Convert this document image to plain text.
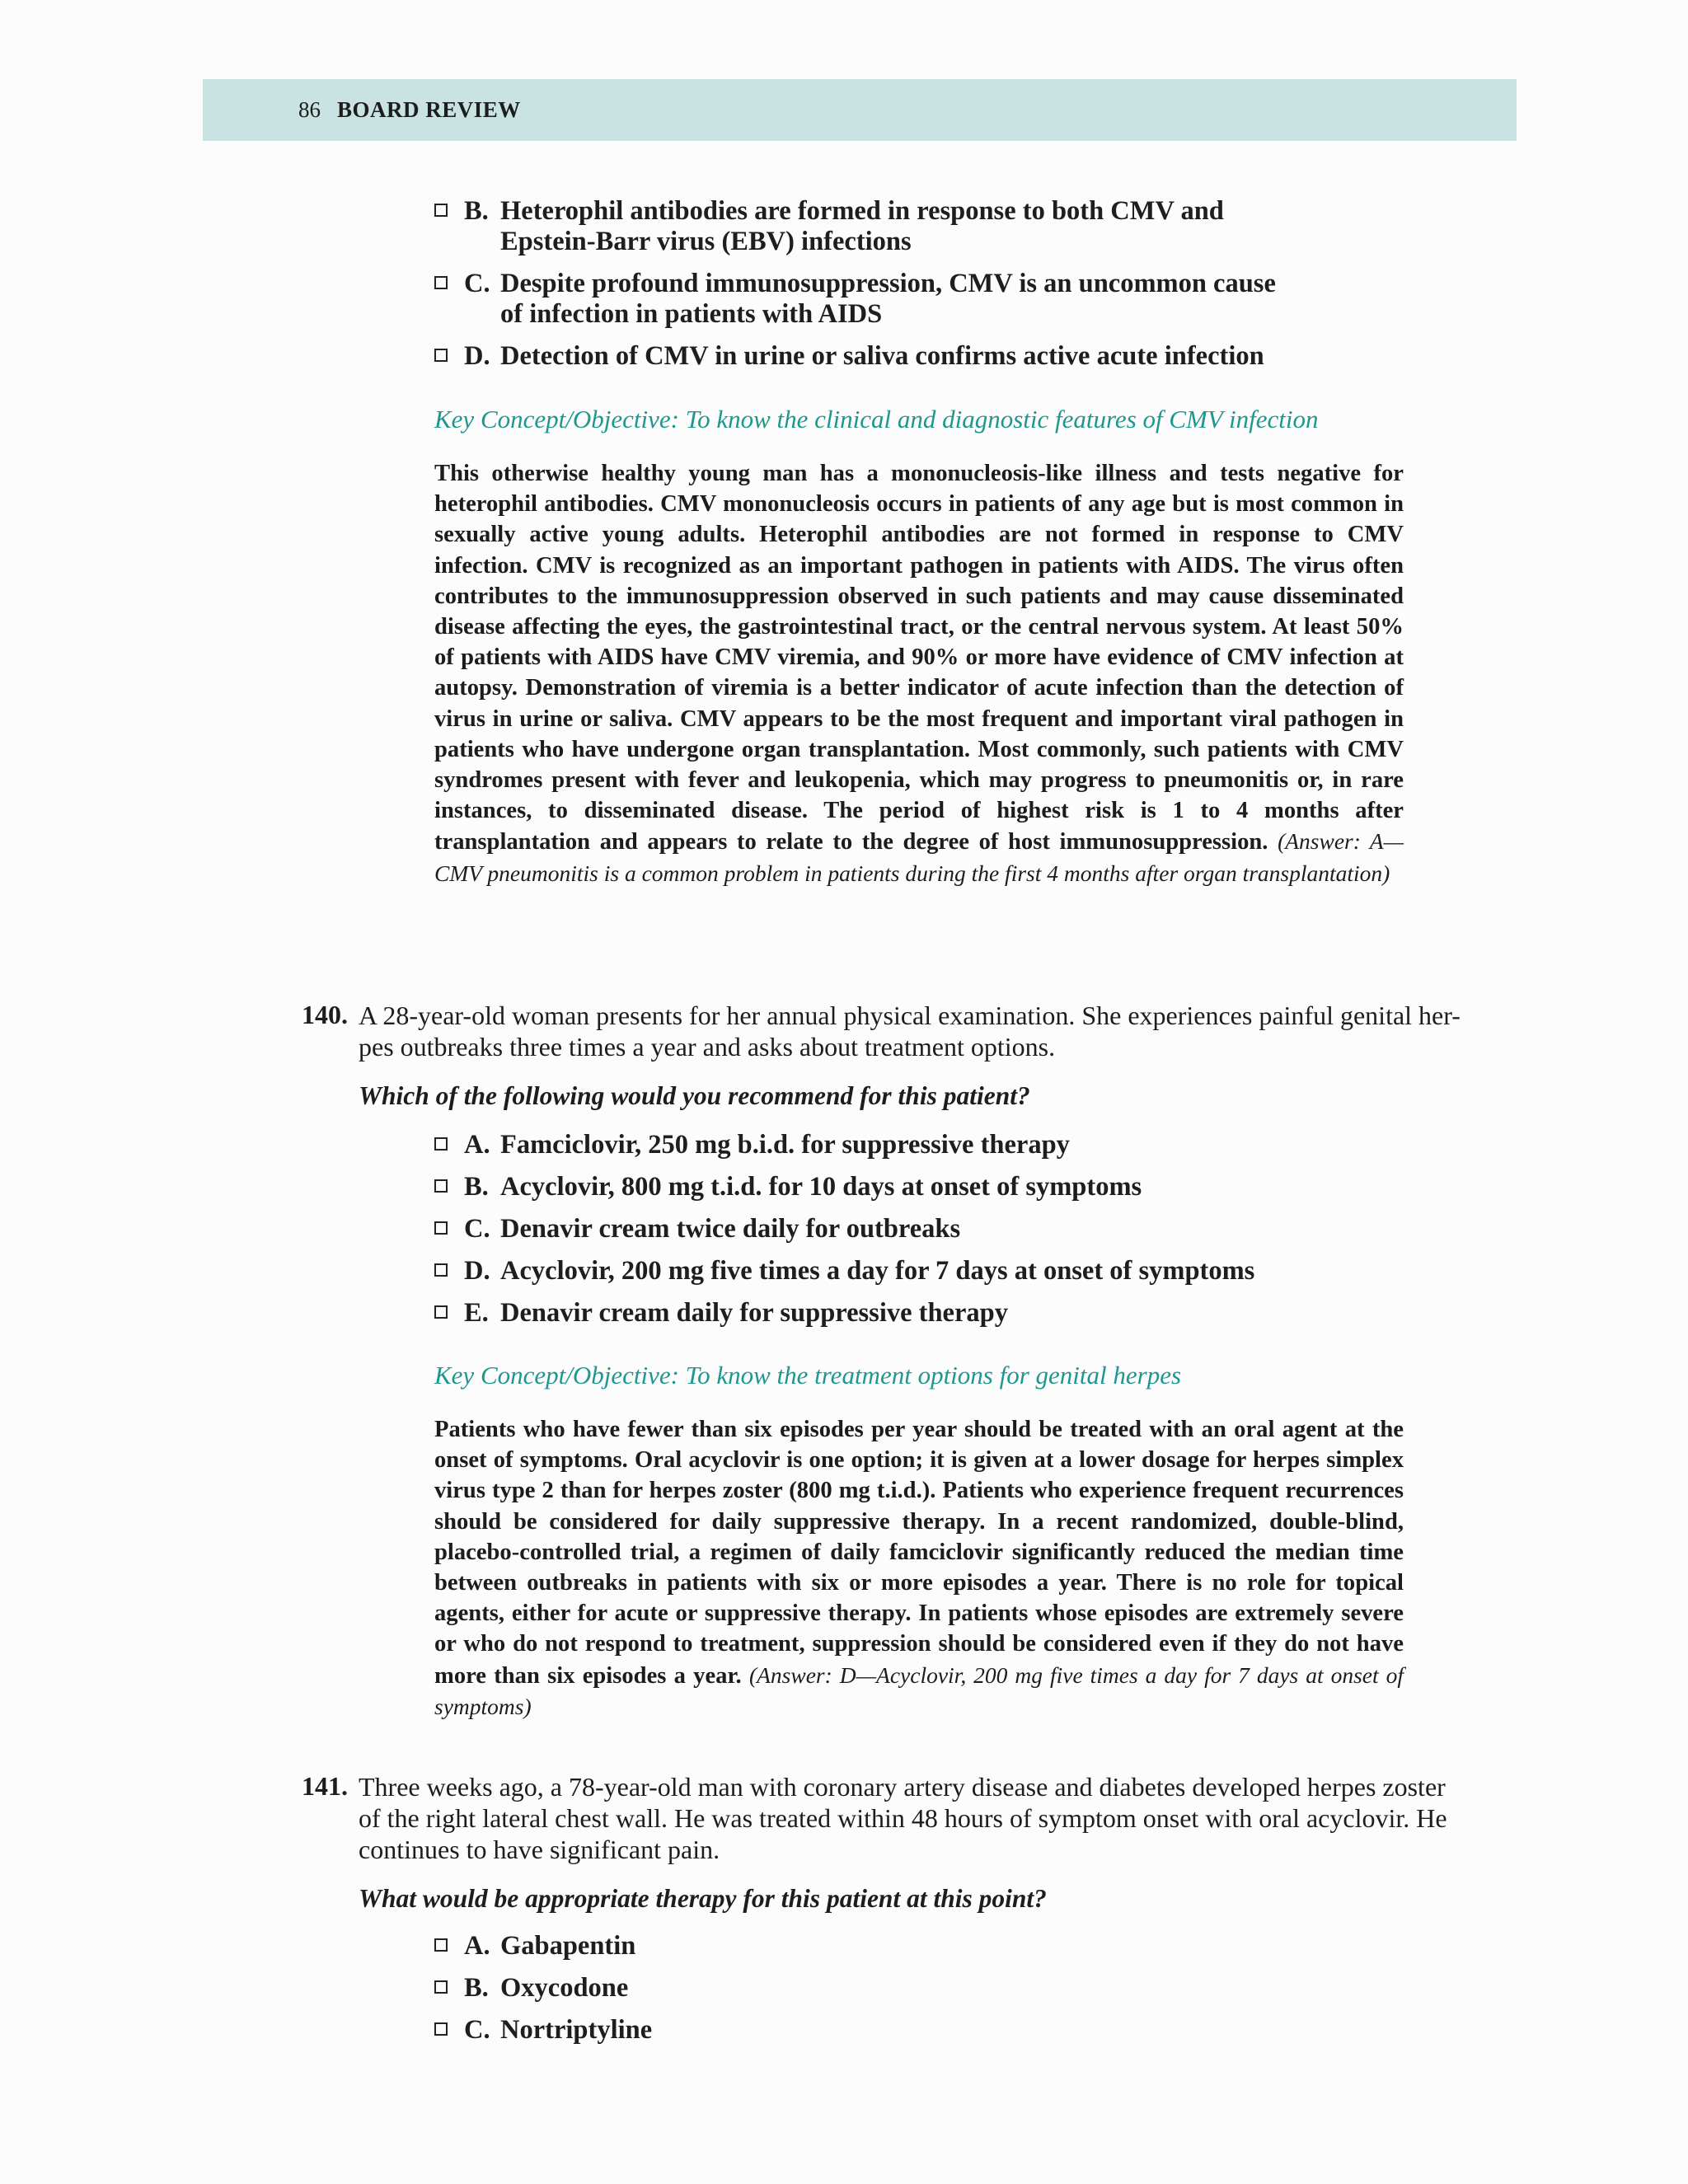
86 BOARD REVIEW
B. Heterophil antibodies are formed in response to both CMV and
Epstein-Barr virus (EBV) infections
C. Despite profound immunosuppression, CMV is an uncommon cause
of infection in patients with AIDS
D. Detection of CMV in urine or saliva confirms active acute infection
Key Concept/Objective: To know the clinical and diagnostic features of CMV infection
This otherwise healthy young man has a mononucleosis-like illness and tests negative for heterophil antibodies. CMV mononucleosis occurs in patients of any age but is most common in sexually active young adults. Heterophil antibodies are not formed in response to CMV infection. CMV is recognized as an important pathogen in patients with AIDS. The virus often contributes to the immunosuppression observed in such patients and may cause disseminated disease affecting the eyes, the gastrointestinal tract, or the central nervous system. At least 50% of patients with AIDS have CMV viremia, and 90% or more have evidence of CMV infection at autopsy. Demonstration of viremia is a better indicator of acute infection than the detection of virus in urine or saliva. CMV appears to be the most frequent and important viral pathogen in patients who have undergone organ transplantation. Most commonly, such patients with CMV syndromes present with fever and leukopenia, which may progress to pneumonitis or, in rare instances, to disseminated disease. The period of highest risk is 1 to 4 months after transplantation and appears to relate to the degree of host immunosuppression. (Answer: A—CMV pneumonitis is a common problem in patients during the first 4 months after organ transplantation)
140. A 28-year-old woman presents for her annual physical examination. She experiences painful genital her-
pes outbreaks three times a year and asks about treatment options.
Which of the following would you recommend for this patient?
A. Famciclovir, 250 mg b.i.d. for suppressive therapy
B. Acyclovir, 800 mg t.i.d. for 10 days at onset of symptoms
C. Denavir cream twice daily for outbreaks
D. Acyclovir, 200 mg five times a day for 7 days at onset of symptoms
E. Denavir cream daily for suppressive therapy
Key Concept/Objective: To know the treatment options for genital herpes
Patients who have fewer than six episodes per year should be treated with an oral agent at the onset of symptoms. Oral acyclovir is one option; it is given at a lower dosage for herpes simplex virus type 2 than for herpes zoster (800 mg t.i.d.). Patients who experience frequent recurrences should be considered for daily suppressive therapy. In a recent randomized, double-blind, placebo-controlled trial, a regimen of daily famciclovir significantly reduced the median time between outbreaks in patients with six or more episodes a year. There is no role for topical agents, either for acute or suppressive therapy. In patients whose episodes are extremely severe or who do not respond to treatment, suppression should be considered even if they do not have more than six episodes a year. (Answer: D—Acyclovir, 200 mg five times a day for 7 days at onset of symptoms)
141. Three weeks ago, a 78-year-old man with coronary artery disease and diabetes developed herpes zoster
of the right lateral chest wall. He was treated within 48 hours of symptom onset with oral acyclovir. He
continues to have significant pain.
What would be appropriate therapy for this patient at this point?
A. Gabapentin
B. Oxycodone
C. Nortriptyline
